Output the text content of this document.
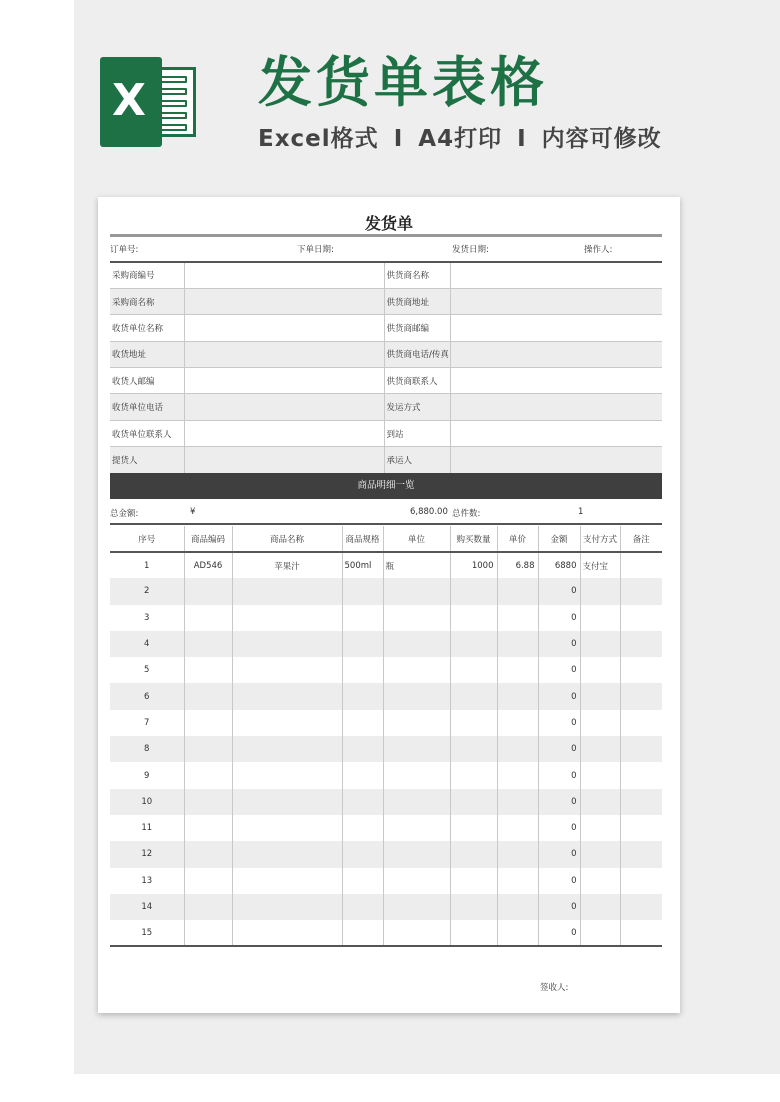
X 发货单表格
Excel格式 I A4打印 I 内容可修改
发货单
订单号:	下单日期:	发货日期:	操作人:
采购商编号		供货商名称	
采购商名称		供货商地址	
收货单位名称		供货商邮编	
收货地址		供货商电话/传真	
收货人邮编		供货商联系人	
收货单位电话		发运方式	
收货单位联系人		到站	
提货人		承运人	
商品明细一览
总金额:	¥	6,880.00 总件数:	1
序号	商品编码	商品名称	商品规格	单位	购买数量	单价	金额	支付方式	备注
1	AD546	苹果汁	500ml	瓶	1000	6.88	6880	支付宝	
2							0		
3							0		
4							0		
5							0		
6							0		
7							0		
8							0		
9							0		
10							0		
11							0		
12							0		
13							0		
14							0		
15							0		
签收人:
